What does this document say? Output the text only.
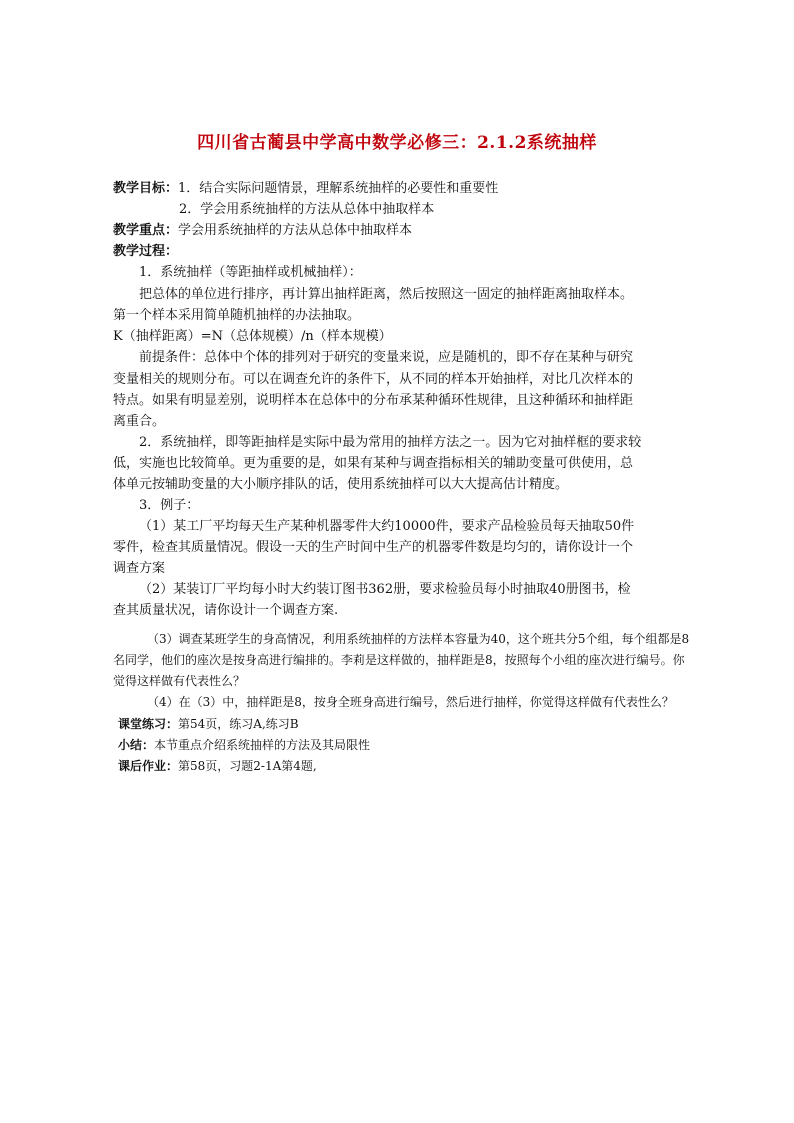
四川省古蔺县中学高中数学必修三：2.1.2系统抽样
教学目标：1．结合实际问题情景，理解系统抽样的必要性和重要性
2．学会用系统抽样的方法从总体中抽取样本
教学重点：学会用系统抽样的方法从总体中抽取样本
教学过程：
1．系统抽样（等距抽样或机械抽样）：
把总体的单位进行排序，再计算出抽样距离，然后按照这一固定的抽样距离抽取样本。
第一个样本采用简单随机抽样的办法抽取。
K（抽样距离）=N（总体规模）/n（样本规模）
前提条件：总体中个体的排列对于研究的变量来说，应是随机的，即不存在某种与研究
变量相关的规则分布。可以在调查允许的条件下，从不同的样本开始抽样，对比几次样本的
特点。如果有明显差别，说明样本在总体中的分布承某种循环性规律，且这种循环和抽样距
离重合。
2．系统抽样，即等距抽样是实际中最为常用的抽样方法之一。因为它对抽样框的要求较
低，实施也比较简单。更为重要的是，如果有某种与调查指标相关的辅助变量可供使用，总
体单元按辅助变量的大小顺序排队的话，使用系统抽样可以大大提高估计精度。
3．例子：
（1）某工厂平均每天生产某种机器零件大约10000件，要求产品检验员每天抽取50件
零件，检查其质量情况。假设一天的生产时间中生产的机器零件数是均匀的，请你设计一个
调查方案
（2）某装订厂平均每小时大约装订图书362册，要求检验员每小时抽取40册图书，检
查其质量状况，请你设计一个调查方案.
（3）调查某班学生的身高情况，利用系统抽样的方法样本容量为40，这个班共分5个组，每个组都是8
名同学，他们的座次是按身高进行编排的。李莉是这样做的，抽样距是8，按照每个小组的座次进行编号。你
觉得这样做有代表性么？
（4）在（3）中，抽样距是8，按身全班身高进行编号，然后进行抽样，你觉得这样做有代表性么？
课堂练习：第54页，练习A,练习B
小结：本节重点介绍系统抽样的方法及其局限性
课后作业：第58页，习题2-1A第4题,
